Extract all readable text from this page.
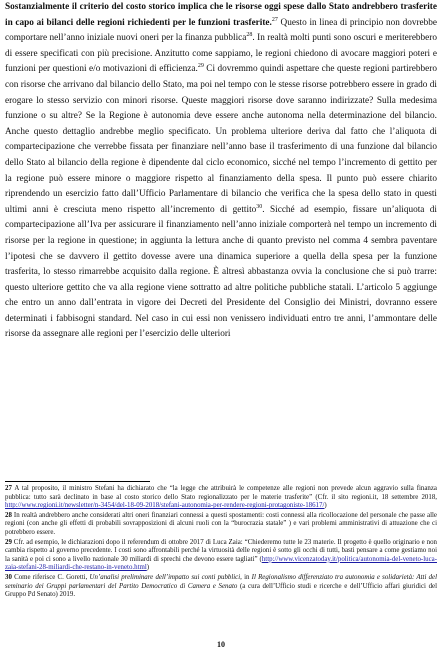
Sostanzialmente il criterio del costo storico implica che le risorse oggi spese dallo Stato andrebbero trasferite in capo ai bilanci delle regioni richiedenti per le funzioni trasferite.$^{27}$ Questo in linea di principio non dovrebbe comportare nell’anno iniziale nuovi oneri per la finanza pubblica$^{28}$. In realtà molti punti sono oscuri e meriterebbero di essere specificati con più precisione. Anzitutto come sappiamo, le regioni chiedono di avocare maggiori poteri e funzioni per questioni e/o motivazioni di efficienza.$^{29}$ Ci dovremmo quindi aspettare che queste regioni partirebbero con risorse che arrivano dal bilancio dello Stato, ma poi nel tempo con le stesse risorse potrebbero essere in grado di erogare lo stesso servizio con minori risorse. Queste maggiori risorse dove saranno indirizzate? Sulla medesima funzione o su altre? Se la Regione è autonomia deve essere anche autonoma nella determinazione del bilancio. Anche questo dettaglio andrebbe meglio specificato. Un problema ulteriore deriva dal fatto che l’aliquota di compartecipazione che verrebbe fissata per finanziare nell’anno base il trasferimento di una funzione dal bilancio dello Stato al bilancio della regione è dipendente dal ciclo economico, sicché nel tempo l’incremento di gettito per la regione può essere minore o maggiore rispetto al finanziamento della spesa. Il punto può essere chiarito riprendendo un esercizio fatto dall’Ufficio Parlamentare di bilancio che verifica che la spesa dello stato in questi ultimi anni è cresciuta meno rispetto all’incremento di gettito$^{30}$. Sicché ad esempio, fissare un’aliquota di compartecipazione all’Iva per assicurare il finanziamento nell’anno iniziale comporterà nel tempo un incremento di risorse per la regione in questione; in aggiunta la lettura anche di quanto previsto nel comma 4 sembra paventare l’ipotesi che se davvero il gettito dovesse avere una dinamica superiore a quella della spesa per la funzione trasferita, lo stesso rimarrebbe acquisito dalla regione. È altresì abbastanza ovvia la conclusione che si può trarre: questo ulteriore gettito che va alla regione viene sottratto ad altre politiche pubbliche statali. L’articolo 5 aggiunge che entro un anno dall’entrata in vigore dei Decreti del Presidente del Consiglio dei Ministri, dovranno essere determinati i fabbisogni standard. Nel caso in cui essi non venissero individuati entro tre anni, l’ammontare delle risorse da assegnare alle regioni per l’esercizio delle ulteriori

27 A tal proposito, il ministro Stefani ha dichiarato che “la legge che attribuirà le competenze alle regioni non prevede alcun aggravio sulla finanza pubblica: tutto sarà declinato in base al costo storico dello Stato regionalizzato per le materie trasferite” (Cfr. il sito regioni.it, 18 settembre 2018, http://www.regioni.it/newsletter/n-3454/del-18-09-2018/stefani-autonomia-per-rendere-regioni-protagoniste-18617/)

28 In realtà andrebbero anche considerati altri oneri finanziari connessi a questi spostamenti: costi connessi alla ricollocazione del personale che passe alle regioni (con anche gli effetti di probabili sovrapposizioni di alcuni ruoli con la “burocrazia statale” ) e vari problemi amministrativi di attuazione che ci potrebbero essere.

29 Cfr. ad esempio, le dichiarazioni dopo il referendum di ottobre 2017 di Luca Zaia: “Chiederemo tutte le 23 materie. Il progetto è quello originario e non cambia rispetto al governo precedente. I costi sono affrontabili perché la virtuosità delle regioni è sotto gli occhi di tutti, basti pensare a come gestiamo noi la sanità e poi ci sono a livello nazionale 30 miliardi di sprechi che devono essere tagliati” (http://www.vicenzatoday.it/politica/autonomia-del-veneto-luca-zaia-stefani-28-miliardi-che-restano-in-veneto.html)

30 Come riferisce C. Goretti, Un’analisi preliminare dell’impatto sui conti pubblici, in Il Regionalismo differenziato tra autonomia e solidarietà: Atti del seminario dei Gruppi parlamentari del Partito Democratico di Camera e Senato (a cura dell’Ufficio studi e ricerche e dell’Ufficio affari giuridici del Gruppo Pd Senato) 2019.

10
